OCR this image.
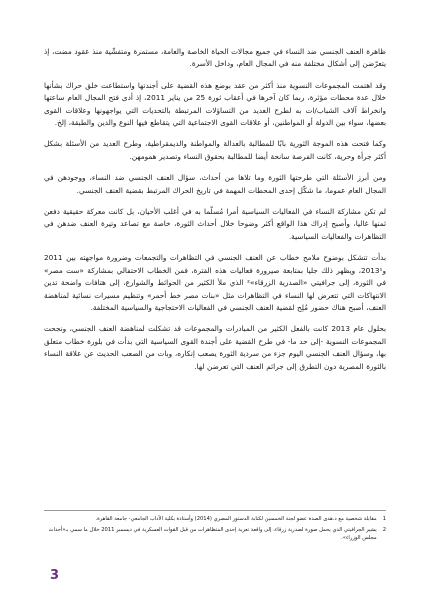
ظاهرة العنف الجنسي ضد النساء في جميع مجالات الحياة الخاصة والعامة، مستمرة ومتفشّية منذ عقود مضت، إذ يتعرّضن إلى أشكال مختلفة منه في المجال العام، وداخل الأسرة.

وقد اهتمت المجموعات النسوية منذ أكثر من عقد بوضع هذه القضية على أجندتها واستطاعت خلق حراك بشأنها خلال عدة محطات مؤثرة، ربما كان آخرها في أعقاب ثورة 25 من يناير 2011، إذ أدى فتح المجال العام ساعتها وانخراط آلاف الشباب/ات به لطرح العديد من التساؤلات المرتبطة بالتحديات التي يواجهونها وعلاقات القوى بعضها، سواء بين الدولة أو المواطنين، أو علاقات القوى الاجتماعية التي يتقاطع فيها النوع والدين والطبقة، إلخ.

وكما فتحت هذه الموجة الثورية بابًا للمطالبة بالعدالة والمواطنة والديمقراطية، وطرح العديد من الأسئلة بشكل أكثر جرأة وحرية، كانت الفرصة سانحة أيضا للمطالبة بحقوق النساء وتصدير همومهن.

ومن أبرز الأسئلة التي طرحتها الثورة وما تلاها من أحداث، سؤال العنف الجنسي ضد النساء، ووجودهن في المجال العام عموما، ما شكّل إحدى المحطات المهمة في تاريخ الحراك المرتبط بقضية العنف الجنسي.

لم تكن مشاركة النساء في الفعاليات السياسية أمرا مُسلّما به في أغلب الأحيان، بل كانت معركة حقيقية دفعن ثمنها غاليا، وأصبح إدراك هذا الواقع أكثر وضوحا خلال أحداث الثورة، خاصة مع تصاعد وتيرة العنف ضدهن في التظاهرات والفعاليات السياسية.

بدأت تتشكل بوضوح ملامح خطاب عن العنف الجنسي في التظاهرات والتجمعات وضرورة مواجهته بين 2011 و2013¹، ويظهر ذلك جليا بمتابعة صيرورة فعاليات هذه الفترة، فمن الخطاب الاحتفالي بمشاركة «ست مصر» في الثورة، إلى جرافيتي «الصدرية الزرقاء»² الذي ملأ الكثير من الحوائط والشوارع، إلى هتافات واضحة تدين الانتهاكات التي تتعرض لها النساء في التظاهرات مثل «بنات مصر خط أحمر» وتنظيم مسيرات نسائية لمناهضة العنف، أصبح هناك حضور مُلِح لقضية العنف الجنسي في الفعاليات الاحتجاجية والسياسية المختلفة.

بحلول عام 2013 كانت بالفعل الكثير من المبادرات والمجموعات قد تشكلت لمناهضة العنف الجنسي، ونجحت المجموعات النسوية -إلى حد ما- في طرح القضية على أجندة القوى السياسية التي بدأت في بلورة خطاب متعلق بها، وسؤال العنف الجنسي اليوم جزء من سردية الثورة يصعب إنكاره، وبات من الصعب الحديث عن علاقة النساء بالثورة المصرية دون التطرق إلى جرائم العنف التي تعرضن لها.

1
مقابلة شخصية مع د.هدى الصدة عضو لجنة الخمسين لكتابة الدستور المصري (2014) وأستاذة بكلية الآداب الجامعي- جامعة القاهرة.
2
يشير الجرافيتي الذي يحمل صورة لصدرية زرقاء، إلى واقعة تعرية إحدى المتظاهرات من قبل القوات العسكرية في ديسمبر 2011 خلال ما سمي بـ«أحداث مجلس الوزراء».
3
